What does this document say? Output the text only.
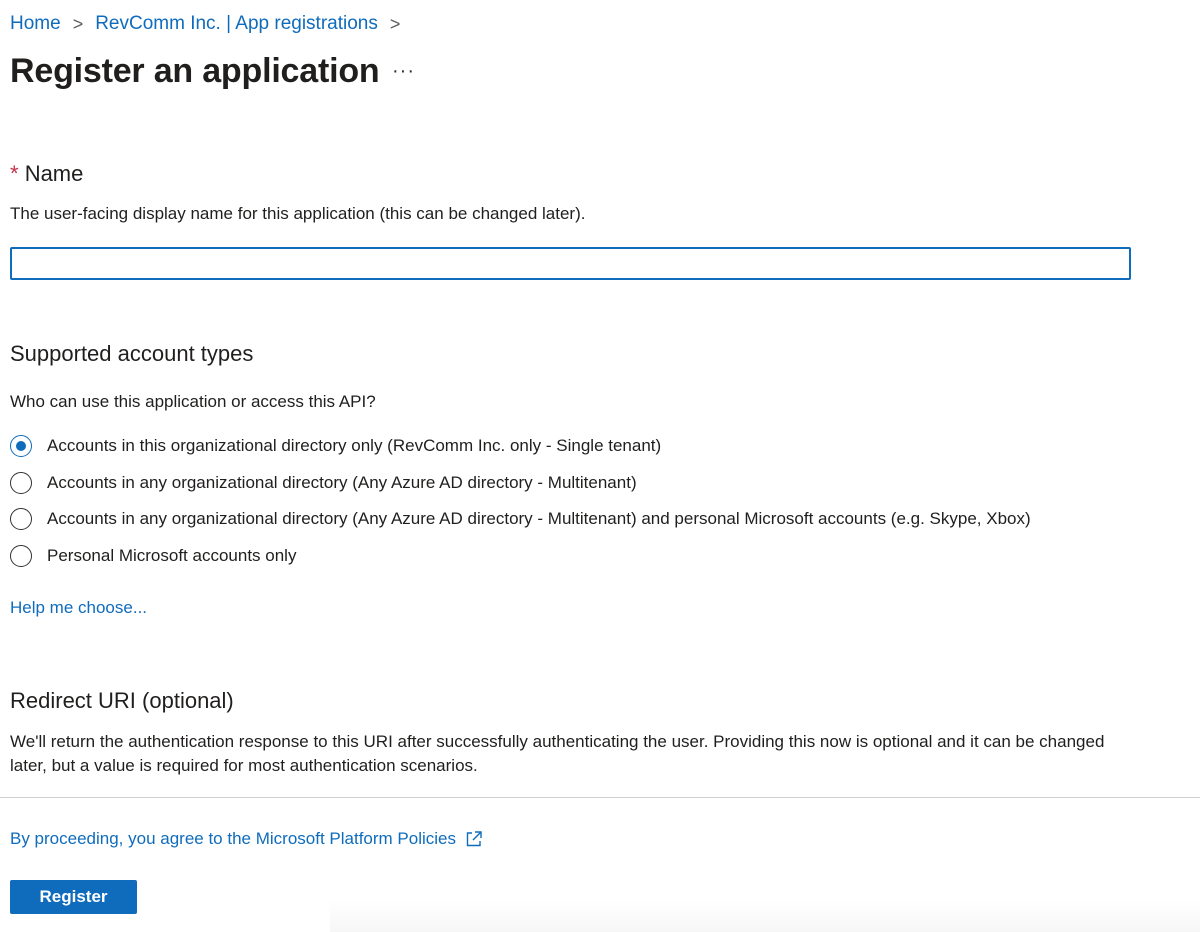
Home > RevComm Inc. | App registrations >
Register an application ···
* Name
The user-facing display name for this application (this can be changed later).
Supported account types
Who can use this application or access this API?
Accounts in this organizational directory only (RevComm Inc. only - Single tenant)
Accounts in any organizational directory (Any Azure AD directory - Multitenant)
Accounts in any organizational directory (Any Azure AD directory - Multitenant) and personal Microsoft accounts (e.g. Skype, Xbox)
Personal Microsoft accounts only
Help me choose...
Redirect URI (optional)
We'll return the authentication response to this URI after successfully authenticating the user. Providing this now is optional and it can be changed later, but a value is required for most authentication scenarios.
By proceeding, you agree to the Microsoft Platform Policies
Register
